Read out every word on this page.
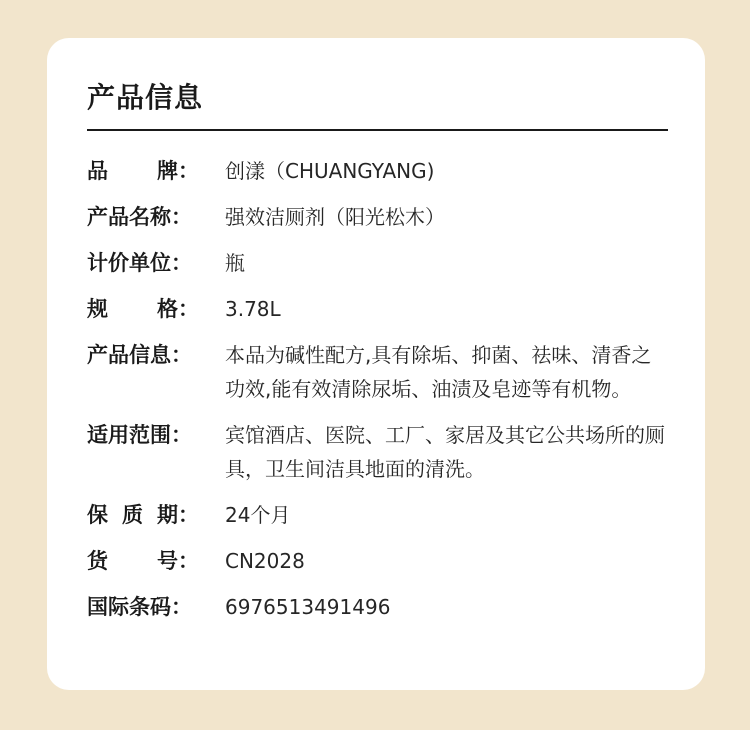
产品信息
品 牌： 创漾（CHUANGYANG)
产品名称：	强效洁厕剂（阳光松木）
计价单位：	瓶
规 格： 3.78L
产品信息：	本品为碱性配方,具有除垢、抑菌、祛味、清香之功效,能有效清除尿垢、油渍及皂迹等有机物。
适用范围：	宾馆酒店、医院、工厂、家居及其它公共场所的厕具，卫生间洁具地面的清洗。
保 质 期： 24个月
货 号： CN2028
国际条码：	6976513491496
